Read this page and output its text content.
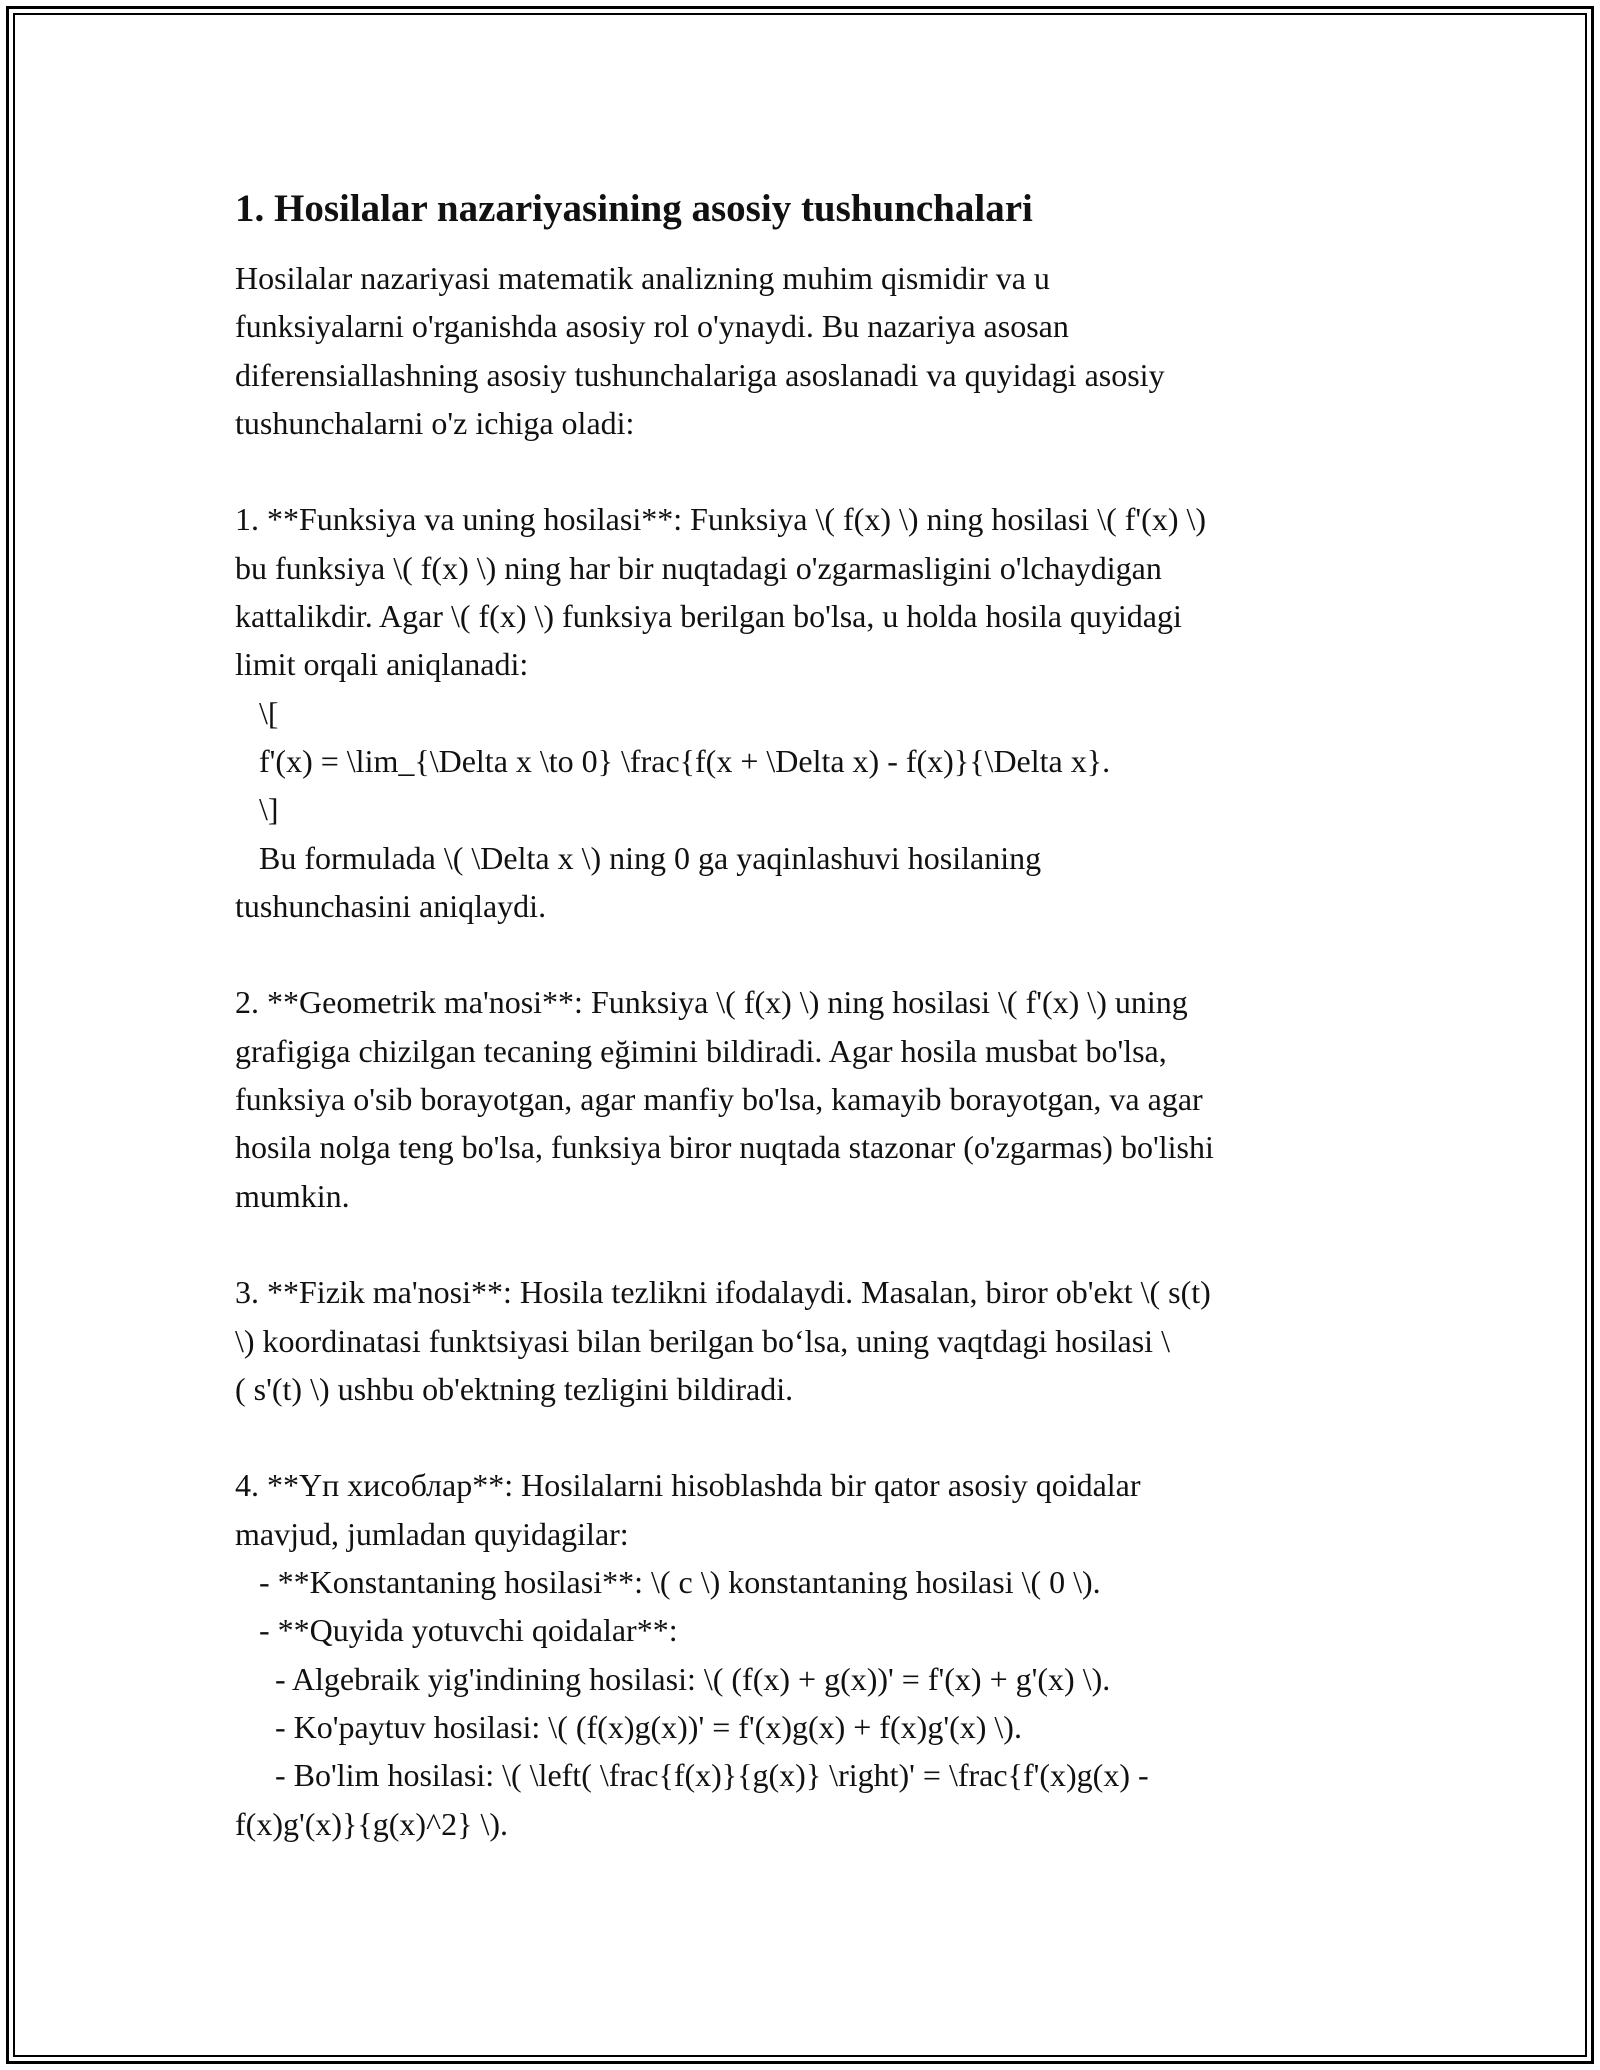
1. Hosilalar nazariyasining asosiy tushunchalari
Hosilalar nazariyasi matematik analizning muhim qismidir va u
funksiyalarni o'rganishda asosiy rol o'ynaydi. Bu nazariya asosan
diferensiallashning asosiy tushunchalariga asoslanadi va quyidagi asosiy
tushunchalarni o'z ichiga oladi:
1. **Funksiya va uning hosilasi**: Funksiya \( f(x) \) ning hosilasi \( f'(x) \)
bu funksiya \( f(x) \) ning har bir nuqtadagi o'zgarmasligini o'lchaydigan
kattalikdir. Agar \( f(x) \) funksiya berilgan bo'lsa, u holda hosila quyidagi
limit orqali aniqlanadi:
\[
f'(x) = \lim_{\Delta x \to 0} \frac{f(x + \Delta x) - f(x)}{\Delta x}.
\]
Bu formulada \( \Delta x \) ning 0 ga yaqinlashuvi hosilaning
tushunchasini aniqlaydi.
2. **Geometrik ma'nosi**: Funksiya \( f(x) \) ning hosilasi \( f'(x) \) uning
grafigiga chizilgan tecaning eğimini bildiradi. Agar hosila musbat bo'lsa,
funksiya o'sib borayotgan, agar manfiy bo'lsa, kamayib borayotgan, va agar
hosila nolga teng bo'lsa, funksiya biror nuqtada stazonar (o'zgarmas) bo'lishi
mumkin.
3. **Fizik ma'nosi**: Hosila tezlikni ifodalaydi. Masalan, biror ob'ekt \( s(t)
\) koordinatasi funktsiyasi bilan berilgan bo‘lsa, uning vaqtdagi hosilasi \
( s'(t) \) ushbu ob'ektning tezligini bildiradi.
4. **Үп хисоблар**: Hosilalarni hisoblashda bir qator asosiy qoidalar
mavjud, jumladan quyidagilar:
- **Konstantaning hosilasi**: \( c \) konstantaning hosilasi \( 0 \).
- **Quyida yotuvchi qoidalar**:
- Algebraik yig'indining hosilasi: \( (f(x) + g(x))' = f'(x) + g'(x) \).
- Ko'paytuv hosilasi: \( (f(x)g(x))' = f'(x)g(x) + f(x)g'(x) \).
- Bo'lim hosilasi: \( \left( \frac{f(x)}{g(x)} \right)' = \frac{f'(x)g(x) -
f(x)g'(x)}{g(x)^2} \).
